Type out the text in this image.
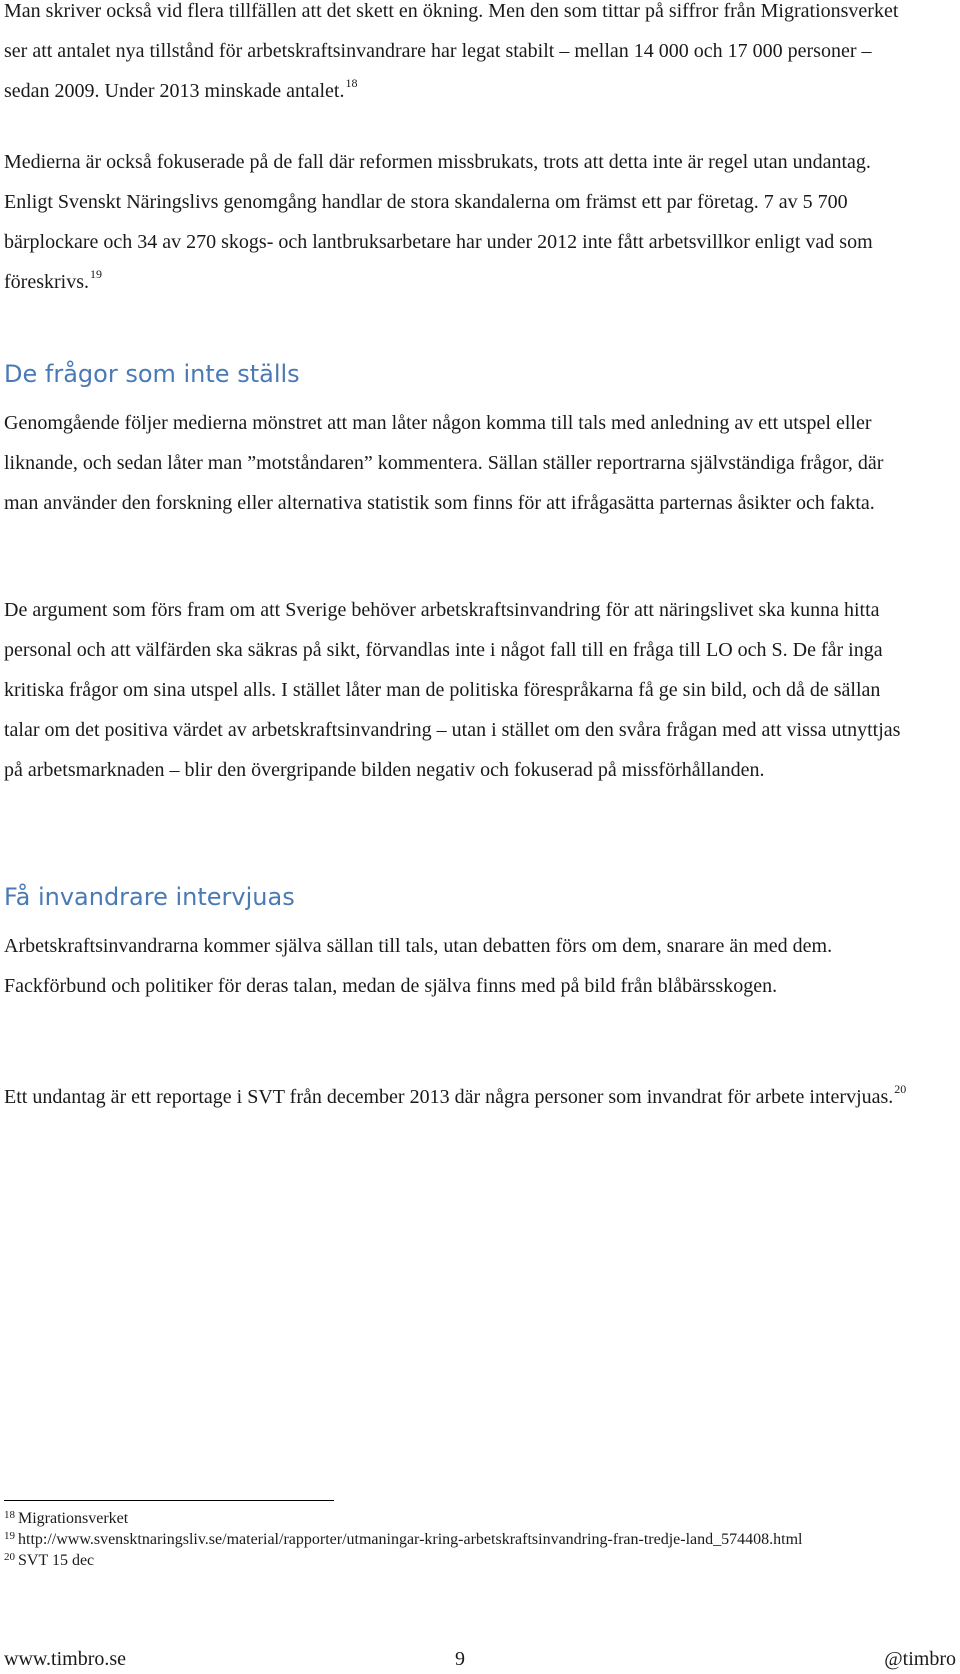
Man skriver också vid flera tillfällen att det skett en ökning. Men den som tittar på siffror från Migrationsverket ser att antalet nya tillstånd för arbetskraftsinvandrare har legat stabilt – mellan 14 000 och 17 000 personer – sedan 2009. Under 2013 minskade antalet.$^{18}$

Medierna är också fokuserade på de fall där reformen missbrukats, trots att detta inte är regel utan undantag. Enligt Svenskt Näringslivs genomgång handlar de stora skandalerna om främst ett par företag. 7 av 5 700 bärplockare och 34 av 270 skogs- och lantbruksarbetare har under 2012 inte fått arbetsvillkor enligt vad som föreskrivs.$^{19}$

De frågor som inte ställs

Genomgående följer medierna mönstret att man låter någon komma till tals med anledning av ett utspel eller liknande, och sedan låter man ”motståndaren” kommentera. Sällan ställer reportrarna självständiga frågor, där man använder den forskning eller alternativa statistik som finns för att ifrågasätta parternas åsikter och fakta.

De argument som förs fram om att Sverige behöver arbetskraftsinvandring för att näringslivet ska kunna hitta personal och att välfärden ska säkras på sikt, förvandlas inte i något fall till en fråga till LO och S. De får inga kritiska frågor om sina utspel alls. I stället låter man de politiska förespråkarna få ge sin bild, och då de sällan talar om det positiva värdet av arbetskraftsinvandring – utan i stället om den svåra frågan med att vissa utnyttjas på arbetsmarknaden – blir den övergripande bilden negativ och fokuserad på missförhållanden.

Få invandrare intervjuas

Arbetskraftsinvandrarna kommer själva sällan till tals, utan debatten förs om dem, snarare än med dem. Fackförbund och politiker för deras talan, medan de själva finns med på bild från blåbärsskogen.

Ett undantag är ett reportage i SVT från december 2013 där några personer som invandrat för arbete intervjuas.$^{20}$

$^{18}$ Migrationsverket

$^{19}$ http://www.svensktnaringsliv.se/material/rapporter/utmaningar-kring-arbetskraftsinvandring-fran-tredje-land_574408.html

$^{20}$ SVT 15 dec

www.timbro.se	9	@timbro
